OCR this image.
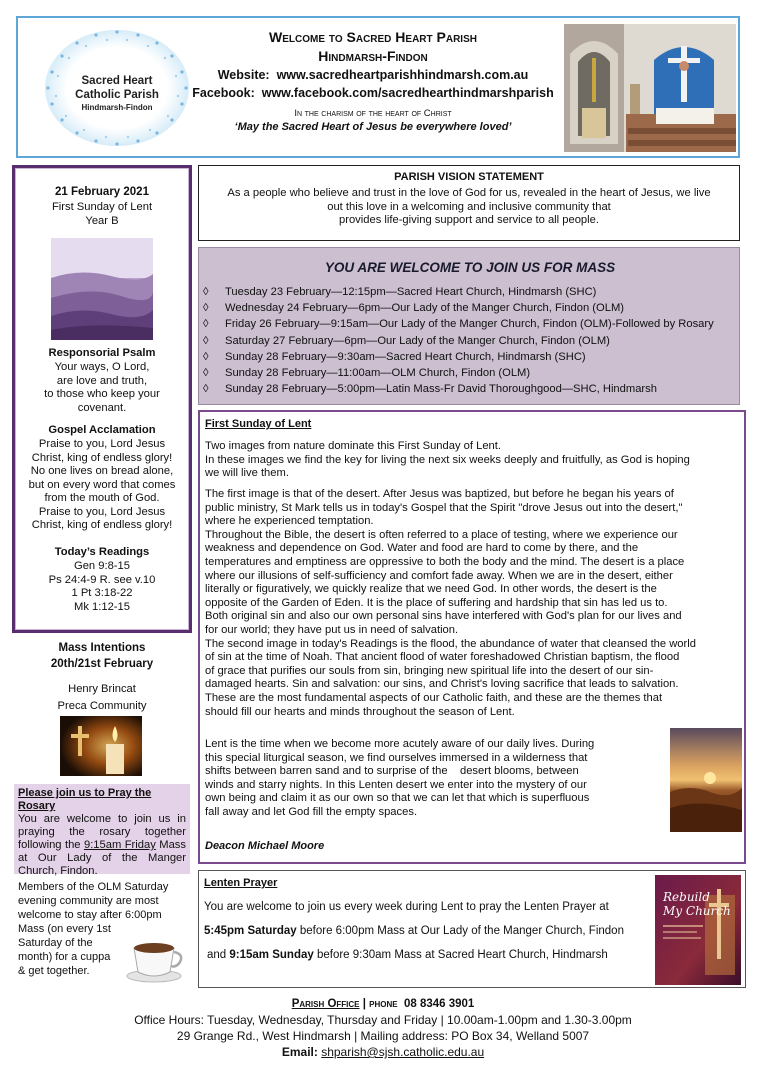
Sacred Heart
Catholic Parish
Hindmarsh-Findon
Welcome to Sacred Heart Parish
Hindmarsh-Findon
Website: www.sacredheartparishhindmarsh.com.au
Facebook: www.facebook.com/sacredhearthindmarshparish
In the charism of the heart of Christ
‘May the Sacred Heart of Jesus be everywhere loved’
21 February 2021
First Sunday of Lent
Year B
Responsorial Psalm
Your ways, O Lord,
are love and truth,
to those who keep your
covenant.
Gospel Acclamation
Praise to you, Lord Jesus
Christ, king of endless glory!
No one lives on bread alone,
but on every word that comes
from the mouth of God.
Praise to you, Lord Jesus
Christ, king of endless glory!
Today’s Readings
Gen 9:8-15
Ps 24:4-9 R. see v.10
1 Pt 3:18-22
Mk 1:12-15
Mass Intentions
20th/21st February
Henry Brincat
Preca Community
Please join us to Pray the Rosary
You are welcome to join us in praying the rosary together following the 9:15am Friday Mass at Our Lady of the Manger Church, Findon.
Members of the OLM Saturday
evening community are most
welcome to stay after 6:00pm
Mass (on every 1st
Saturday of the
month) for a cuppa
& get together.
PARISH VISION STATEMENT
As a people who believe and trust in the love of God for us, revealed in the heart of Jesus, we live
out this love in a welcoming and inclusive community that
provides life-giving support and service to all people.
YOU ARE WELCOME TO JOIN US FOR MASS
◊ Tuesday 23 February—12:15pm—Sacred Heart Church, Hindmarsh (SHC)
◊ Wednesday 24 February—6pm—Our Lady of the Manger Church, Findon (OLM)
◊ Friday 26 February—9:15am—Our Lady of the Manger Church, Findon (OLM)-Followed by Rosary
◊ Saturday 27 February—6pm—Our Lady of the Manger Church, Findon (OLM)
◊ Sunday 28 February—9:30am—Sacred Heart Church, Hindmarsh (SHC)
◊ Sunday 28 February—11:00am—OLM Church, Findon (OLM)
◊ Sunday 28 February—5:00pm—Latin Mass-Fr David Thoroughgood—SHC, Hindmarsh
First Sunday of Lent
Two images from nature dominate this First Sunday of Lent.
In these images we find the key for living the next six weeks deeply and fruitfully, as God is hoping
we will live them.
The first image is that of the desert. After Jesus was baptized, but before he began his years of
public ministry, St Mark tells us in today's Gospel that the Spirit "drove Jesus out into the desert,"
where he experienced temptation.
Throughout the Bible, the desert is often referred to a place of testing, where we experience our
weakness and dependence on God. Water and food are hard to come by there, and the
temperatures and emptiness are oppressive to both the body and the mind. The desert is a place
where our illusions of self-sufficiency and comfort fade away. When we are in the desert, either
literally or figuratively, we quickly realize that we need God. In other words, the desert is the
opposite of the Garden of Eden. It is the place of suffering and hardship that sin has led us to.
Both original sin and also our own personal sins have interfered with God's plan for our lives and
for our world; they have put us in need of salvation.
The second image in today's Readings is the flood, the abundance of water that cleansed the world
of sin at the time of Noah. That ancient flood of water foreshadowed Christian baptism, the flood
of grace that purifies our souls from sin, bringing new spiritual life into the desert of our sin-
damaged hearts. Sin and salvation: our sins, and Christ's loving sacrifice that leads to salvation.
These are the most fundamental aspects of our Catholic faith, and these are the themes that
should fill our hearts and minds throughout the season of Lent.
Lent is the time when we become more acutely aware of our daily lives. During
this special liturgical season, we find ourselves immersed in a wilderness that
shifts between barren sand and to surprise of the    desert blooms, between
winds and starry nights. In this Lenten desert we enter into the mystery of our
own being and claim it as our own so that we can let that which is superfluous
fall away and let God fill the empty spaces.
Deacon Michael Moore
Lenten Prayer
You are welcome to join us every week during Lent to pray the Lenten Prayer at
5:45pm Saturday before 6:00pm Mass at Our Lady of the Manger Church, Findon
and 9:15am Sunday before 9:30am Mass at Sacred Heart Church, Hindmarsh
Rebuild
My Church
Parish Office | phone 08 8346 3901
Office Hours: Tuesday, Wednesday, Thursday and Friday | 10.00am-1.00pm and 1.30-3.00pm
29 Grange Rd., West Hindmarsh | Mailing address: PO Box 34, Welland 5007
Email: shparish@sjsh.catholic.edu.au
